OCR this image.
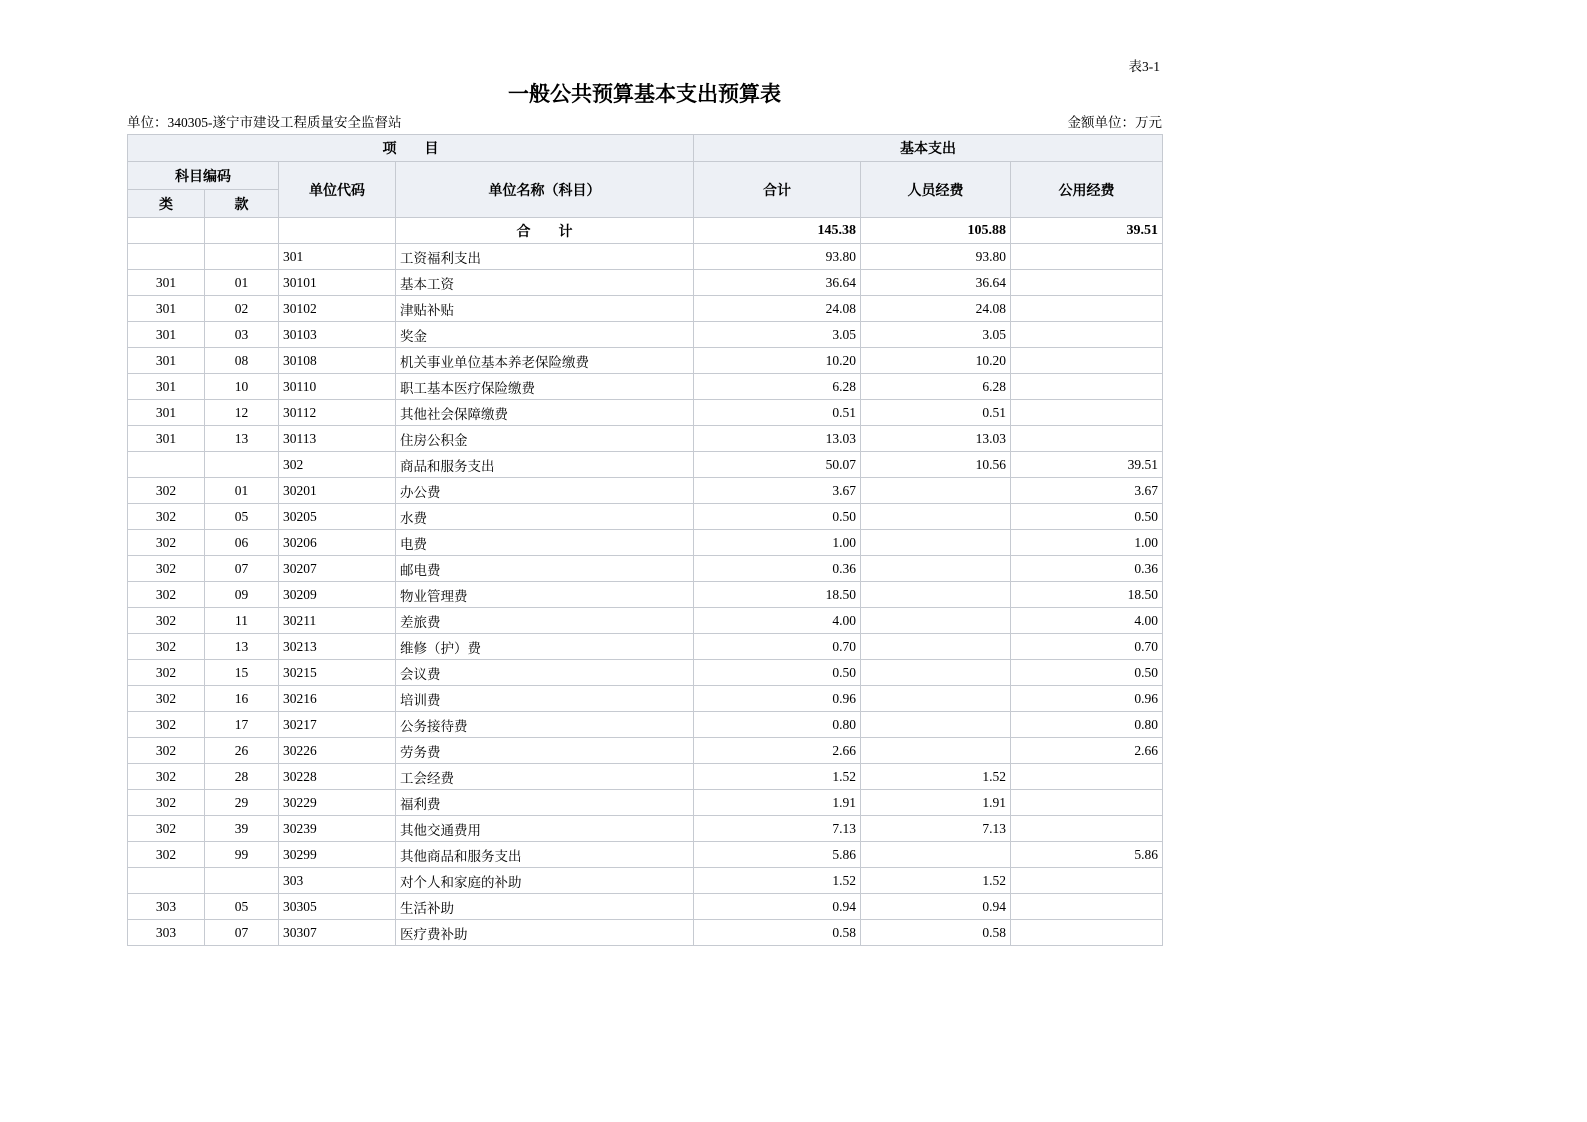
表3-1
一般公共预算基本支出预算表
单位：340305-遂宁市建设工程质量安全监督站	金额单位：万元
项　　目				基本支出		
科目编码		单位代码	单位名称（科目）	合计	人员经费	公用经费
类	款					
			合　　计	145.38	105.88	39.51
		301	工资福利支出	93.80	93.80	
301	01	30101	基本工资	36.64	36.64	
301	02	30102	津贴补贴	24.08	24.08	
301	03	30103	奖金	3.05	3.05	
301	08	30108	机关事业单位基本养老保险缴费	10.20	10.20	
301	10	30110	职工基本医疗保险缴费	6.28	6.28	
301	12	30112	其他社会保障缴费	0.51	0.51	
301	13	30113	住房公积金	13.03	13.03	
		302	商品和服务支出	50.07	10.56	39.51
302	01	30201	办公费	3.67		3.67
302	05	30205	水费	0.50		0.50
302	06	30206	电费	1.00		1.00
302	07	30207	邮电费	0.36		0.36
302	09	30209	物业管理费	18.50		18.50
302	11	30211	差旅费	4.00		4.00
302	13	30213	维修（护）费	0.70		0.70
302	15	30215	会议费	0.50		0.50
302	16	30216	培训费	0.96		0.96
302	17	30217	公务接待费	0.80		0.80
302	26	30226	劳务费	2.66		2.66
302	28	30228	工会经费	1.52	1.52	
302	29	30229	福利费	1.91	1.91	
302	39	30239	其他交通费用	7.13	7.13	
302	99	30299	其他商品和服务支出	5.86		5.86
		303	对个人和家庭的补助	1.52	1.52	
303	05	30305	生活补助	0.94	0.94	
303	07	30307	医疗费补助	0.58	0.58	
